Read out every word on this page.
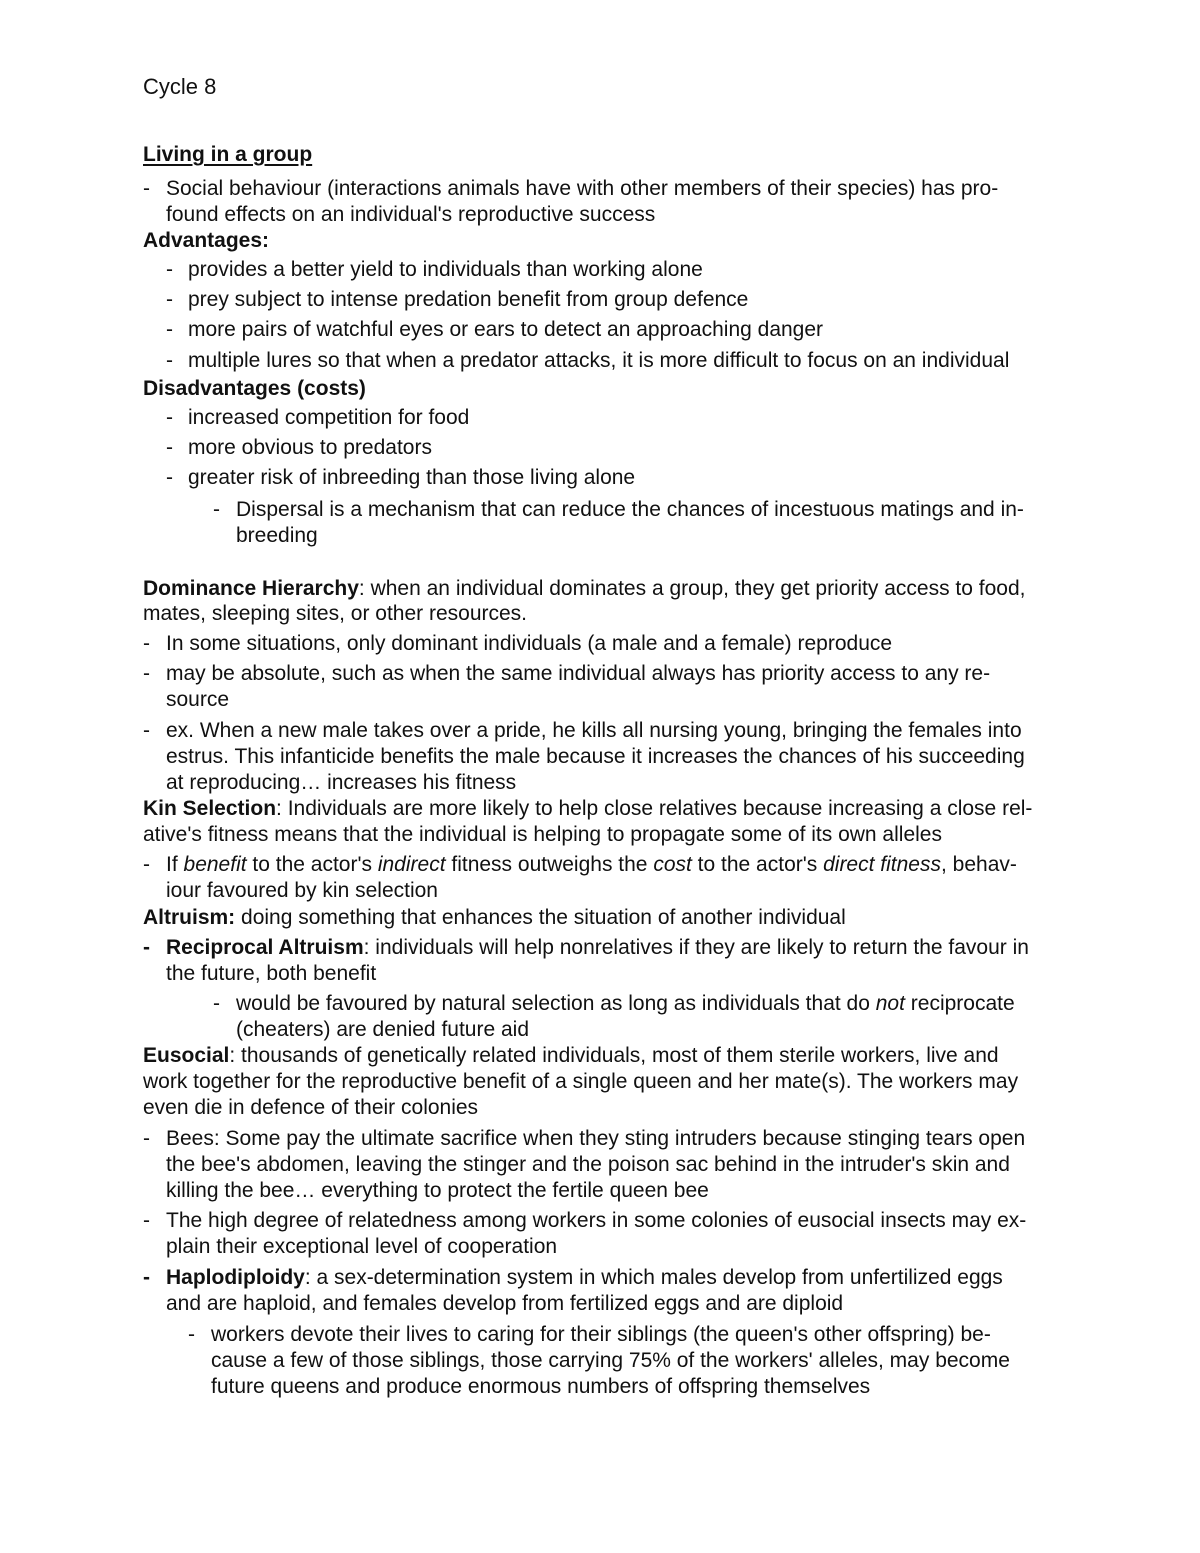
Cycle 8
Living in a group
- Social behaviour (interactions animals have with other members of their species) has pro-
found effects on an individual's reproductive success
Advantages:
- provides a better yield to individuals than working alone
- prey subject to intense predation benefit from group defence
- more pairs of watchful eyes or ears to detect an approaching danger
- multiple lures so that when a predator attacks, it is more difficult to focus on an individual
Disadvantages (costs)
- increased competition for food
- more obvious to predators
- greater risk of inbreeding than those living alone
- Dispersal is a mechanism that can reduce the chances of incestuous matings and in-
breeding
Dominance Hierarchy: when an individual dominates a group, they get priority access to food,
mates, sleeping sites, or other resources.
- In some situations, only dominant individuals (a male and a female) reproduce
- may be absolute, such as when the same individual always has priority access to any re-
source
- ex. When a new male takes over a pride, he kills all nursing young, bringing the females into
estrus. This infanticide benefits the male because it increases the chances of his succeeding
at reproducing… increases his fitness
Kin Selection: Individuals are more likely to help close relatives because increasing a close rel-
ative's fitness means that the individual is helping to propagate some of its own alleles
- If benefit to the actor's indirect fitness outweighs the cost to the actor's direct fitness, behav-
iour favoured by kin selection
Altruism: doing something that enhances the situation of another individual
- Reciprocal Altruism: individuals will help nonrelatives if they are likely to return the favour in
the future, both benefit
- would be favoured by natural selection as long as individuals that do not reciprocate
(cheaters) are denied future aid
Eusocial: thousands of genetically related individuals, most of them sterile workers, live and
work together for the reproductive benefit of a single queen and her mate(s). The workers may
even die in defence of their colonies
- Bees: Some pay the ultimate sacrifice when they sting intruders because stinging tears open
the bee's abdomen, leaving the stinger and the poison sac behind in the intruder's skin and
killing the bee… everything to protect the fertile queen bee
- The high degree of relatedness among workers in some colonies of eusocial insects may ex-
plain their exceptional level of cooperation
- Haplodiploidy: a sex-determination system in which males develop from unfertilized eggs
and are haploid, and females develop from fertilized eggs and are diploid
- workers devote their lives to caring for their siblings (the queen's other offspring) be-
cause a few of those siblings, those carrying 75% of the workers' alleles, may become
future queens and produce enormous numbers of offspring themselves
